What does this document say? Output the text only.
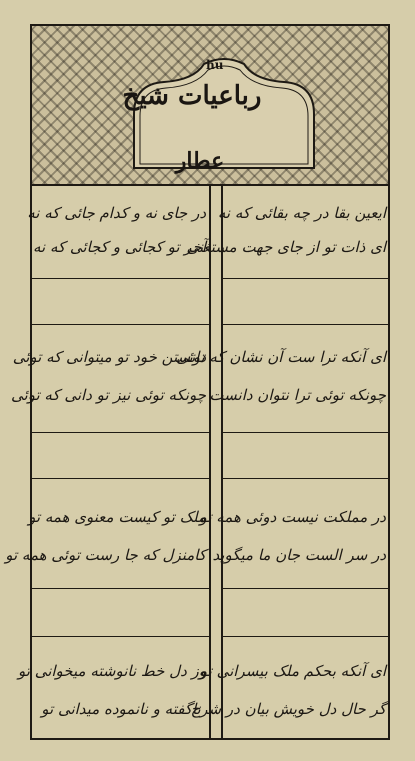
hu
رباعیات شیخ
عطار
ایعین بقا در چه بقائی که نه
ای ذات تو از جای جهت مستغنی
در جای نه و کدام جائی که نه
آخر تو کجائی و کجائی که نه
ای آنکه ترا ست آن نشان که توئی
چونکه توئی ترا نتوان دانست
دانستن خود تو میتوانی که توئی
چونکه توئی نیز تو دانی که توئی
در مملکت نیست دوئی همه تو
در سر الست جان ما میگوید
ملک تو کیست معنوی همه تو
کامنزل که جا رست توئی همه تو
ای آنکه بحکم ملک بیسرانی تو
گر حال دل خویش بیان در شرح
وز دل خط نانوشته میخوانی تو
ناگفته و نانموده میدانی تو
